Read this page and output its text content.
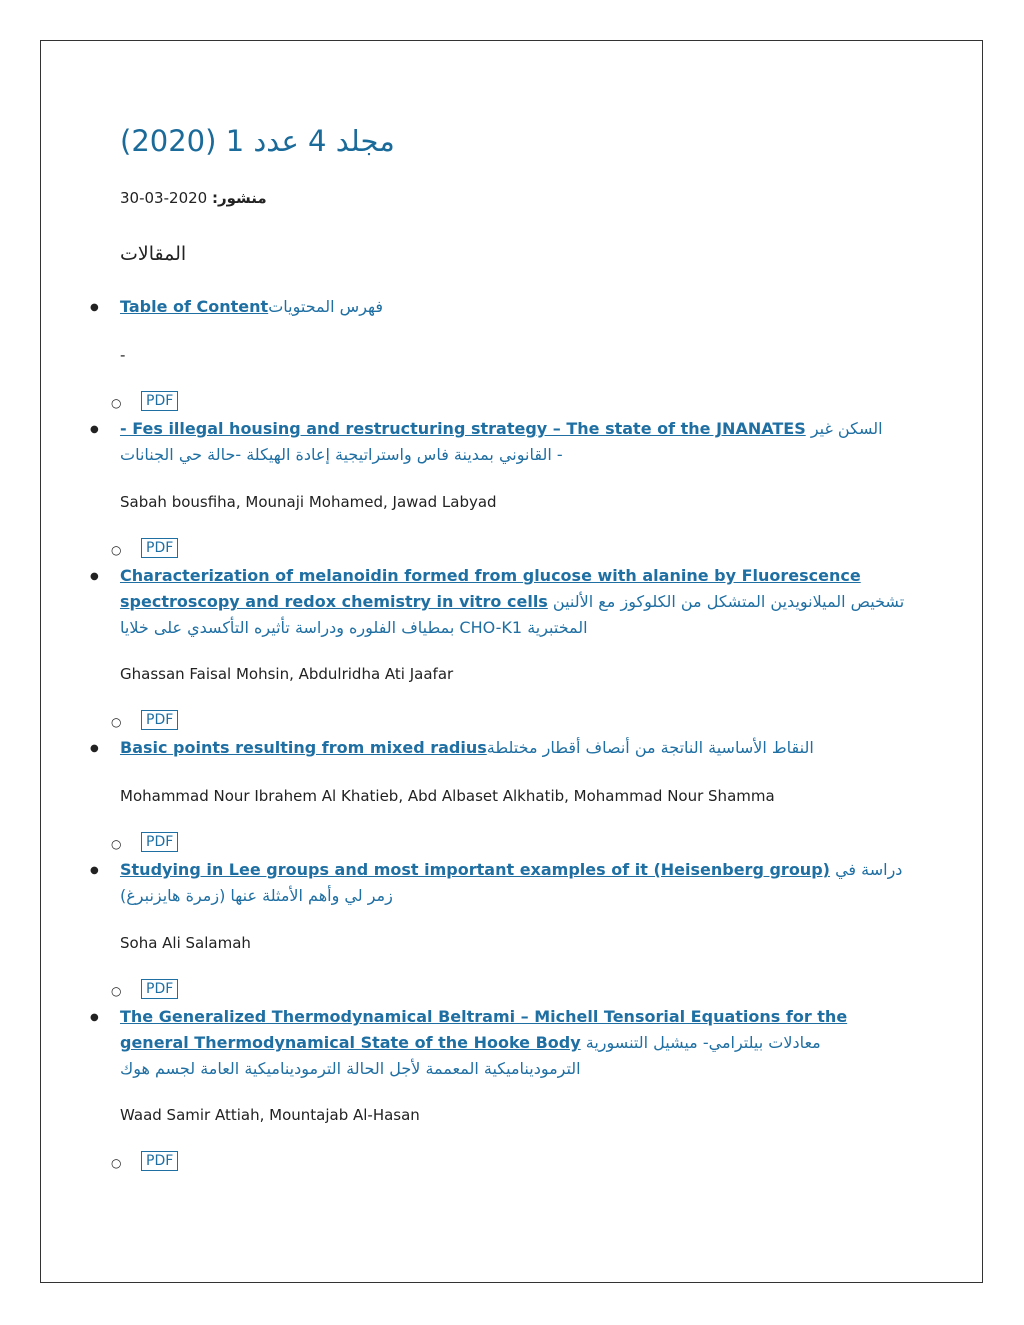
مجلد 4 عدد 1 (2020)
منشور: 2020-03-30
المقالات
● Table of Contentفهرس المحتويات

-
○	PDF
● - Fes illegal housing and restructuring strategy – The state of the JNANATES السكن غير القانوني بمدينة فاس واستراتيجية إعادة الهيكلة -حالة حي الجنانات -

Sabah bousfiha, Mounaji Mohamed, Jawad Labyad
○	PDF
● Characterization of melanoidin formed from glucose with alanine by Fluorescence spectroscopy and redox chemistry in vitro cells تشخيص الميلانويدين المتشكل من الكلوكوز مع الألنين بمطياف الفلوره ودراسة تأثيره التأكسدي على خلايا CHO-K1 المختبرية

Ghassan Faisal Mohsin, Abdulridha Ati Jaafar
○	PDF
● Basic points resulting from mixed radiusالنقاط الأساسية الناتجة من أنصاف أقطار مختلطة

Mohammad Nour Ibrahem Al Khatieb, Abd Albaset Alkhatib, Mohammad Nour Shamma
○	PDF
● Studying in Lee groups and most important examples of it (Heisenberg group) دراسة في زمر لي وأهم الأمثلة عنها (زمرة هايزنبرغ)

Soha Ali Salamah
○	PDF
● The Generalized Thermodynamical Beltrami – Michell Tensorial Equations for the general Thermodynamical State of the Hooke Body معادلات بيلترامي- ميشيل التنسورية الترموديناميكية المعممة لأجل الحالة الترموديناميكية العامة لجسم هوك

Waad Samir Attiah, Mountajab Al-Hasan
○	PDF
